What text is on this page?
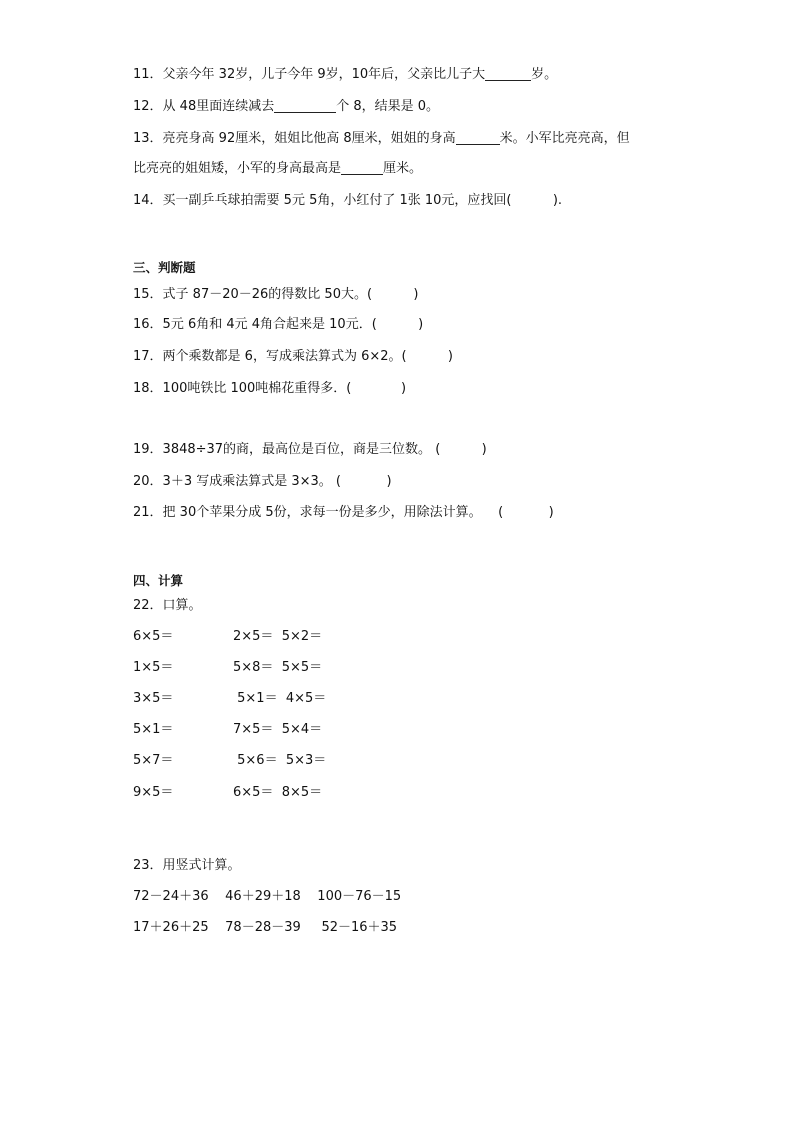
11．父亲今年 32岁，儿子今年 9岁，10年后，父亲比儿子大	岁。
12．从 48里面连续减去	个 8，结果是 0。
13．亮亮身高 92厘米，姐姐比他高 8厘米，姐姐的身高	米。小军比亮亮高，但
比亮亮的姐姐矮，小军的身高最高是	厘米。
14．买一副乒乓球拍需要 5元 5角，小红付了 1张 10元，应找回(          ).
三、判断题
15．式子 87－20－26的得数比 50大。(          )
16．5元 6角和 4元 4角合起来是 10元．(          )
17．两个乘数都是 6，写成乘法算式为 6×2。(          )
18．100吨铁比 100吨棉花重得多．(            )
19．3848÷37的商，最高位是百位，商是三位数。 (          )
20．3＋3 写成乘法算式是 3×3。 (           )
21．把 30个苹果分成 5份，求每一份是多少，用除法计算。    (           )
四、计算
22．口算。
6×5＝	2×5＝  5×2＝
1×5＝	5×8＝  5×5＝
3×5＝	5×1＝  4×5＝
5×1＝	7×5＝  5×4＝
5×7＝	5×6＝  5×3＝
9×5＝	6×5＝  8×5＝
23．用竖式计算。
72－24＋36    46＋29＋18    100－76－15
17＋26＋25    78－28－39     52－16＋35
